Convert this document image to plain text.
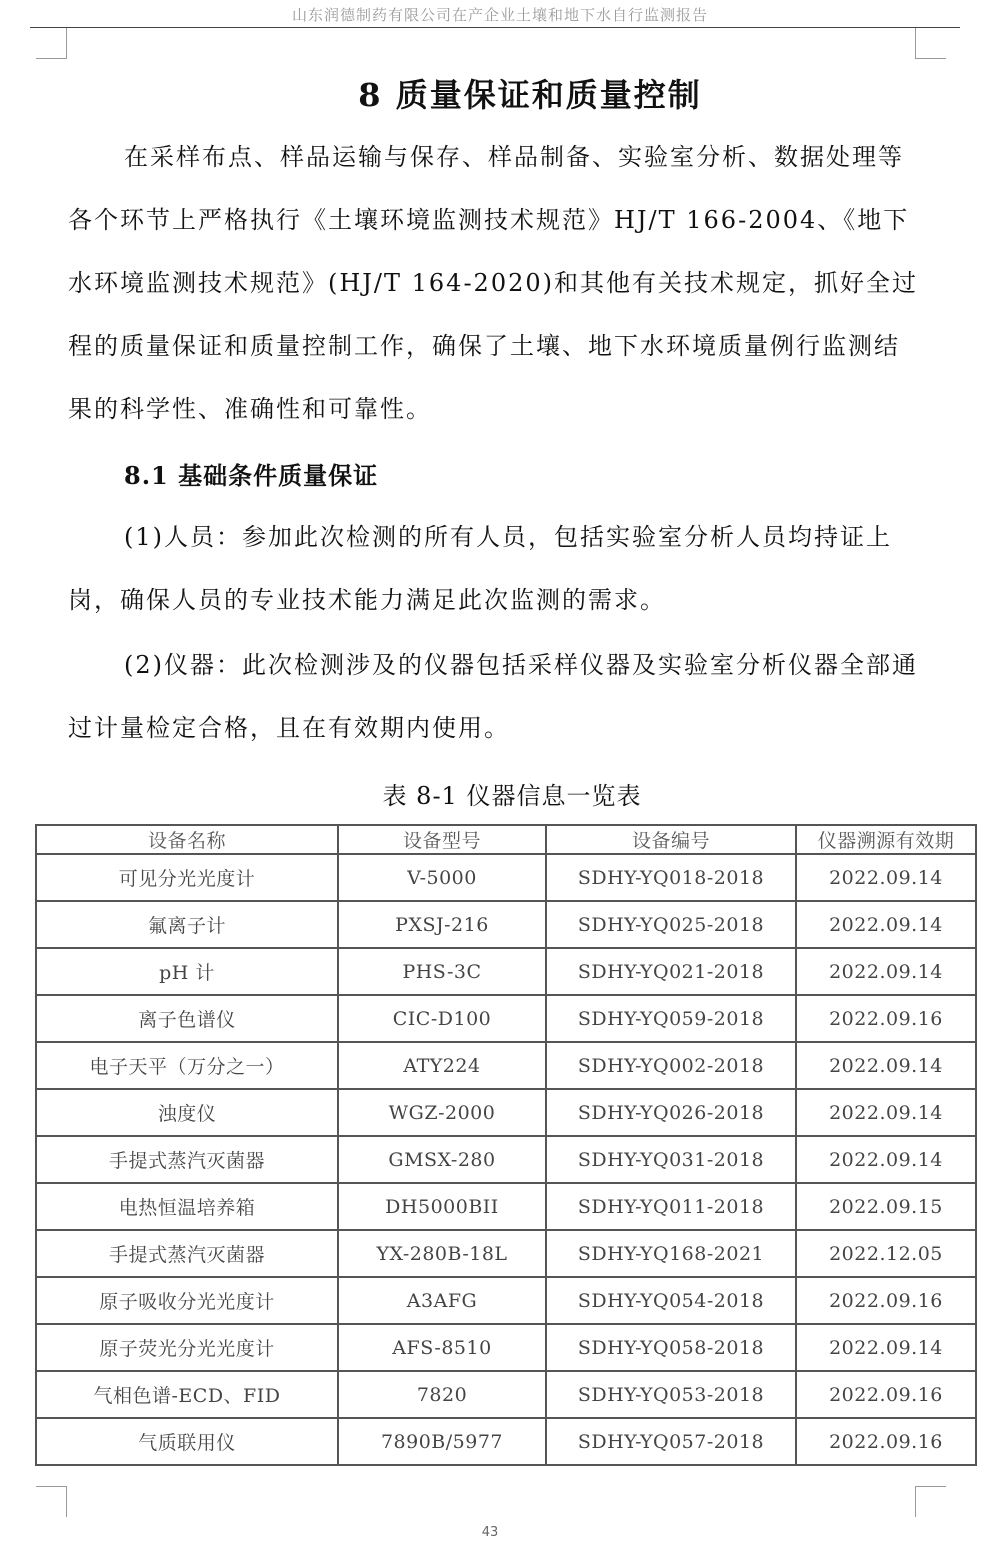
山东润德制药有限公司在产企业土壤和地下水自行监测报告
8 质量保证和质量控制

在采样布点、样品运输与保存、样品制备、实验室分析、数据处理等各个环节上严格执行《土壤环境监测技术规范》HJ/T 166-2004、《地下水环境监测技术规范》(HJ/T 164-2020)和其他有关技术规定，抓好全过程的质量保证和质量控制工作，确保了土壤、地下水环境质量例行监测结果的科学性、准确性和可靠性。

8.1 基础条件质量保证

(1)人员：参加此次检测的所有人员，包括实验室分析人员均持证上岗，确保人员的专业技术能力满足此次监测的需求。

(2)仪器：此次检测涉及的仪器包括采样仪器及实验室分析仪器全部通过计量检定合格，且在有效期内使用。

表 8-1 仪器信息一览表
设备名称	设备型号	设备编号	仪器溯源有效期
可见分光光度计	V-5000	SDHY-YQ018-2018	2022.09.14
氟离子计	PXSJ-216	SDHY-YQ025-2018	2022.09.14
pH 计	PHS-3C	SDHY-YQ021-2018	2022.09.14
离子色谱仪	CIC-D100	SDHY-YQ059-2018	2022.09.16
电子天平（万分之一）	ATY224	SDHY-YQ002-2018	2022.09.14
浊度仪	WGZ-2000	SDHY-YQ026-2018	2022.09.14
手提式蒸汽灭菌器	GMSX-280	SDHY-YQ031-2018	2022.09.14
电热恒温培养箱	DH5000BII	SDHY-YQ011-2018	2022.09.15
手提式蒸汽灭菌器	YX-280B-18L	SDHY-YQ168-2021	2022.12.05
原子吸收分光光度计	A3AFG	SDHY-YQ054-2018	2022.09.16
原子荧光分光光度计	AFS-8510	SDHY-YQ058-2018	2022.09.14
气相色谱-ECD、FID	7820	SDHY-YQ053-2018	2022.09.16
气质联用仪	7890B/5977	SDHY-YQ057-2018	2022.09.16
43
